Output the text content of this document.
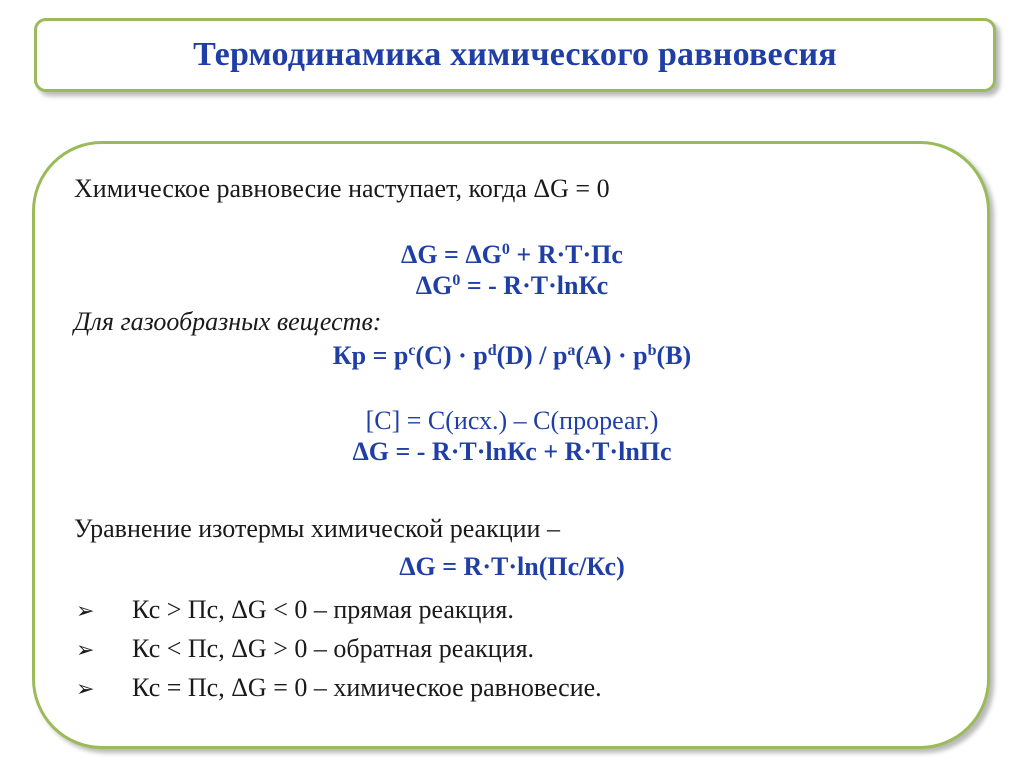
Термодинамика химического равновесия
Химическое равновесие наступает, когда ΔG = 0
$\Delta G = \Delta G^0 + R\cdot T\cdot Пс$
$\Delta G^0$ = - R·T·lnКс
Для газообразных веществ:
Кр = $p^c(C) \cdot p^d(D) / p^a(A) \cdot p^b(B)$
[C] = C(исх.) – C(прореаг.)
ΔG = - R·T·lnКс + R·T·lnПс
Уравнение изотермы химической реакции –
ΔG = R·T·ln(Пс/Кс)
➢ Кс > Пс, ΔG < 0 – прямая реакция.
➢ Кс < Пс, ΔG > 0 – обратная реакция.
➢ Кс = Пс, ΔG = 0 – химическое равновесие.
